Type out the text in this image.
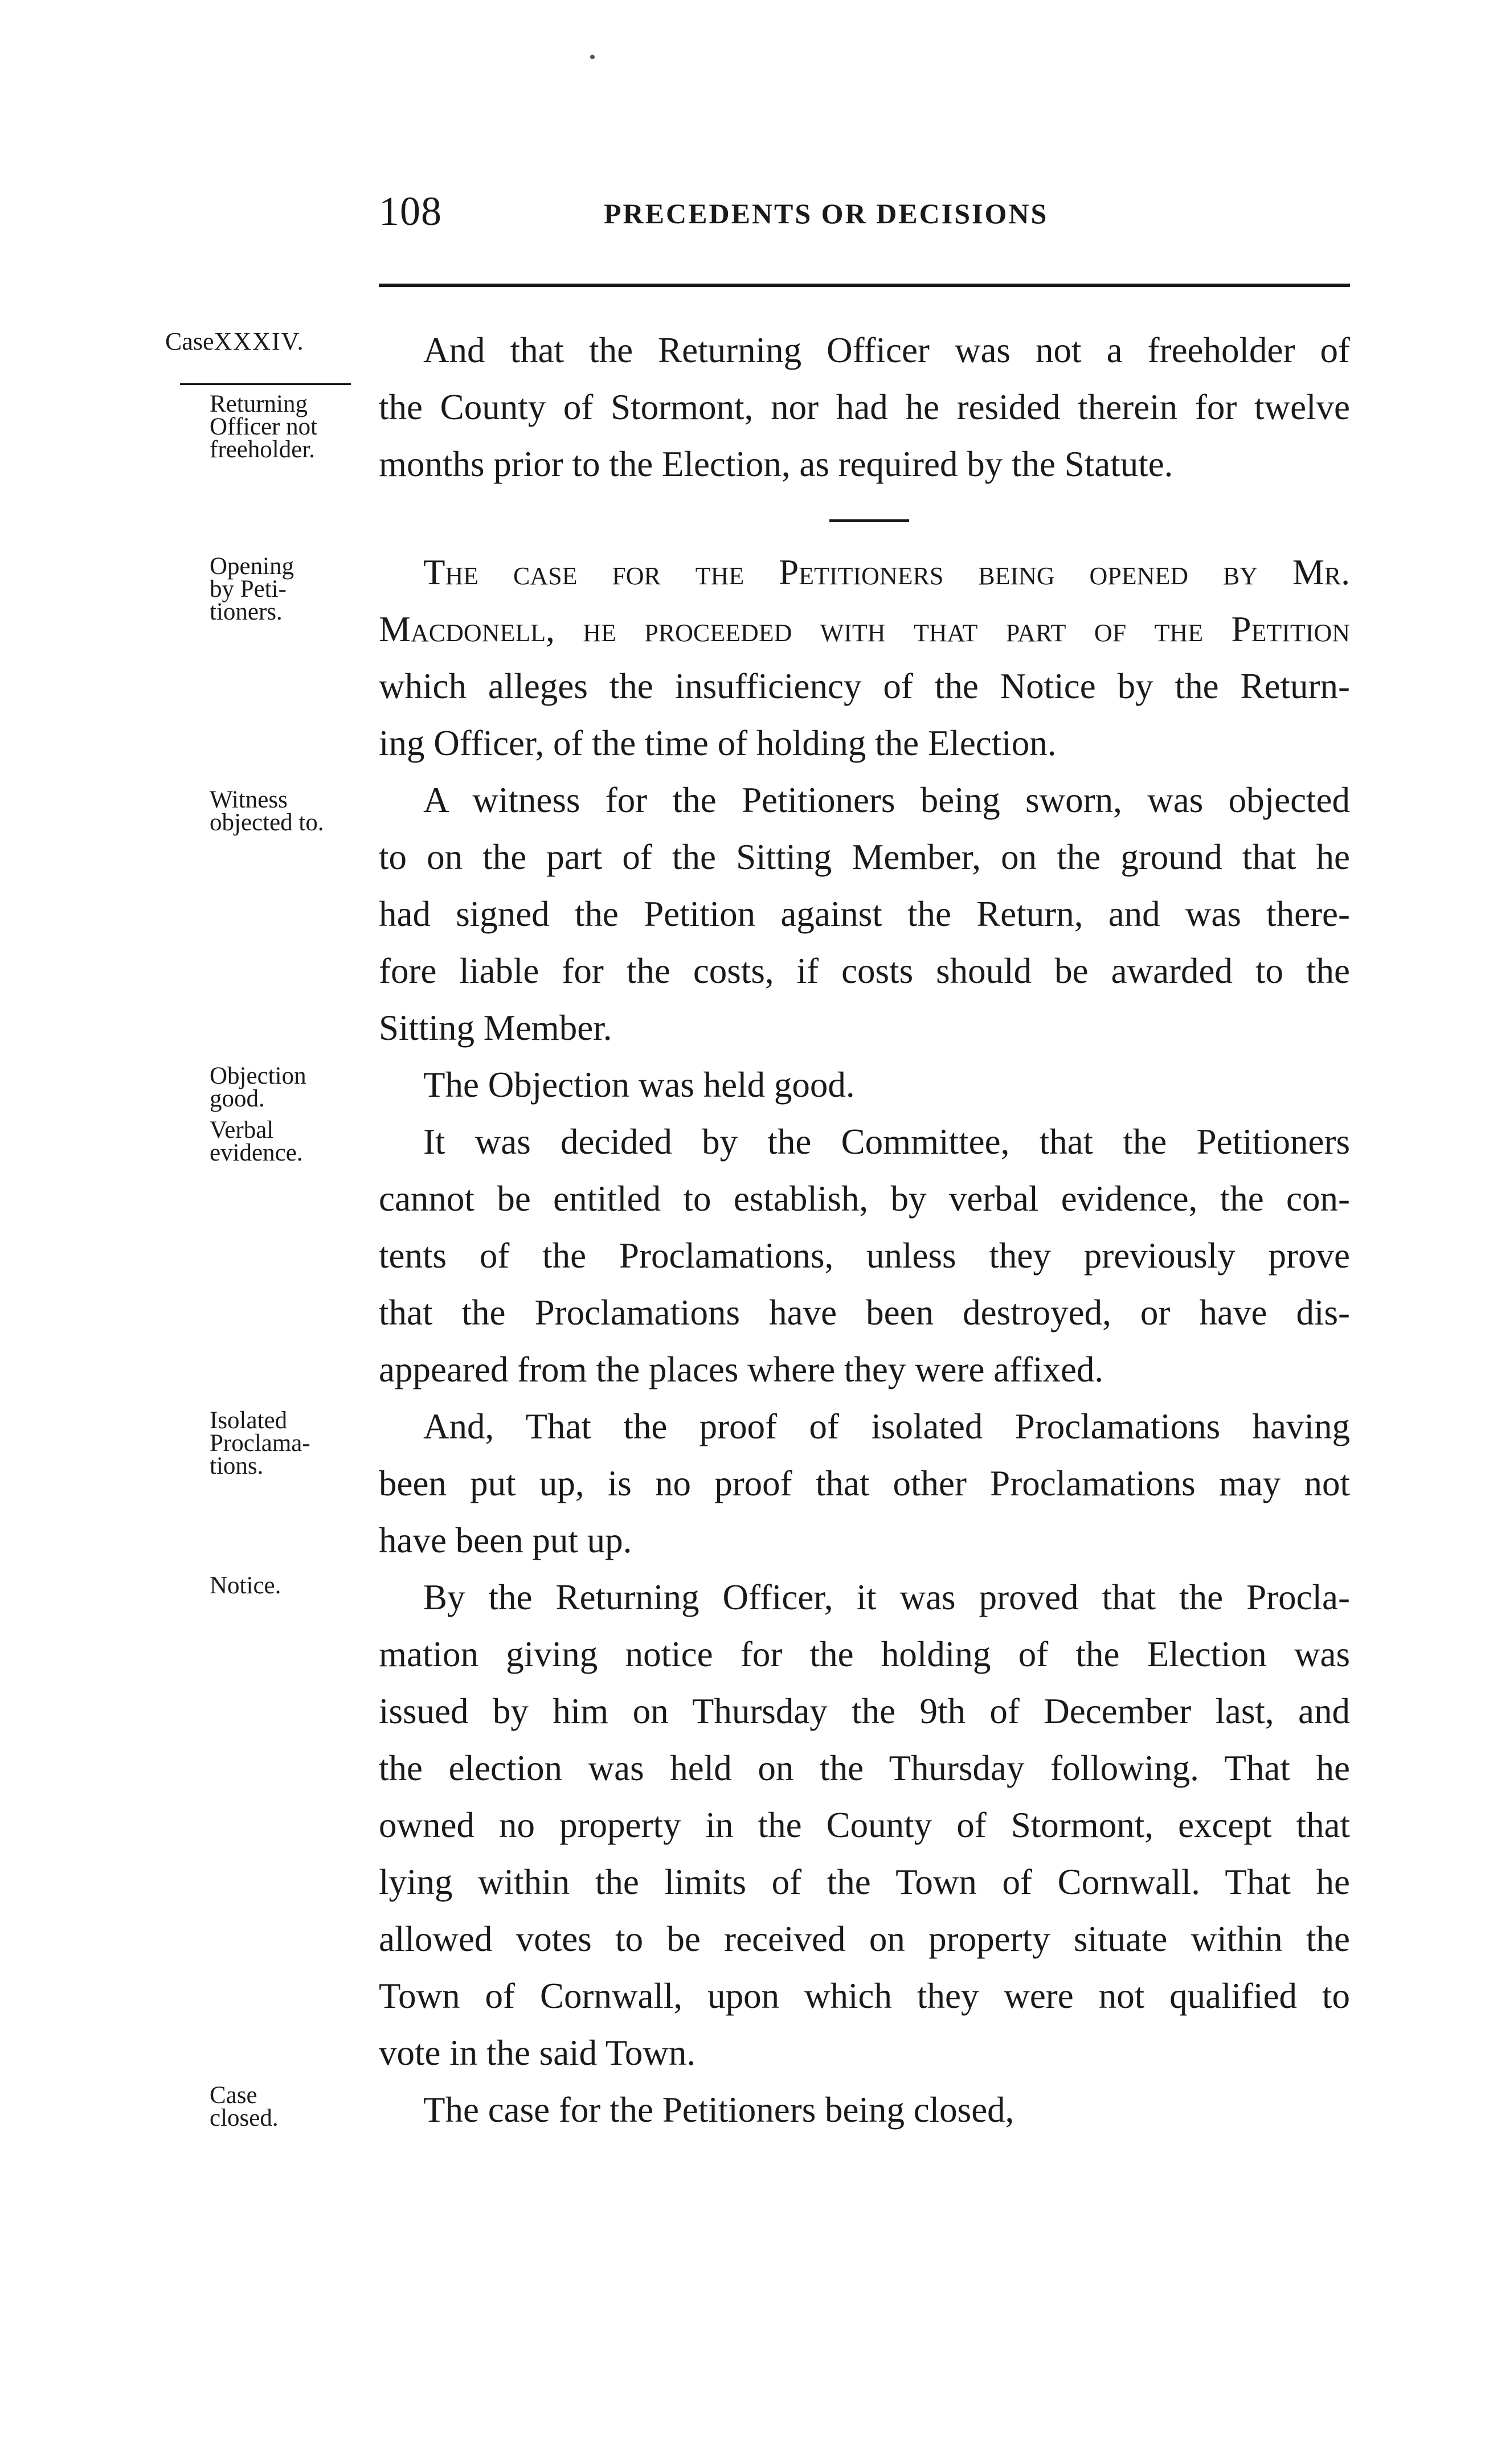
108	PRECEDENTS OR DECISIONS
CaseXXXIV.
Returning
Officer not
freeholder.
Opening
by Peti-
tioners.
Witness
objected to.
Objection
good.
Verbal
evidence.
Isolated
Proclama-
tions.
Notice.
Case
closed.
And that the Returning Officer was not a freeholder of
the County of Stormont, nor had he resided therein for twelve
months prior to the Election, as required by the Statute.
The case for the Petitioners being opened by Mr.
Macdonell, he proceeded with that part of the Petition
which alleges the insufficiency of the Notice by the Return-
ing Officer, of the time of holding the Election.
A witness for the Petitioners being sworn, was objected
to on the part of the Sitting Member, on the ground that he
had signed the Petition against the Return, and was there-
fore liable for the costs, if costs should be awarded to the
Sitting Member.
The Objection was held good.
It was decided by the Committee, that the Petitioners
cannot be entitled to establish, by verbal evidence, the con-
tents of the Proclamations, unless they previously prove
that the Proclamations have been destroyed, or have dis-
appeared from the places where they were affixed.
And, That the proof of isolated Proclamations having
been put up, is no proof that other Proclamations may not
have been put up.
By the Returning Officer, it was proved that the Procla-
mation giving notice for the holding of the Election was
issued by him on Thursday the 9th of December last, and
the election was held on the Thursday following. That he
owned no property in the County of Stormont, except that
lying within the limits of the Town of Cornwall. That he
allowed votes to be received on property situate within the
Town of Cornwall, upon which they were not qualified to
vote in the said Town.
The case for the Petitioners being closed,
